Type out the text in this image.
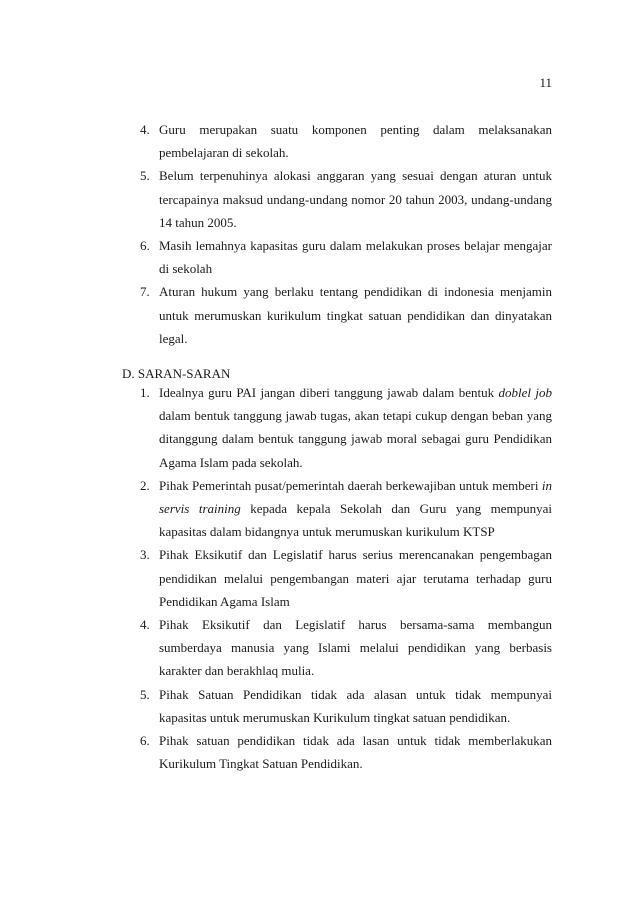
11
4. Guru merupakan suatu komponen penting dalam melaksanakan pembelajaran di sekolah.
5. Belum terpenuhinya alokasi anggaran yang sesuai dengan aturan untuk tercapainya maksud undang-undang nomor 20 tahun 2003, undang-undang 14 tahun 2005.
6. Masih lemahnya kapasitas guru dalam melakukan proses belajar mengajar di sekolah
7. Aturan hukum yang berlaku tentang pendidikan di indonesia menjamin untuk merumuskan kurikulum tingkat satuan pendidikan dan dinyatakan legal.
D. SARAN-SARAN
1. Idealnya guru PAI jangan diberi tanggung jawab dalam bentuk doblel job dalam bentuk tanggung jawab tugas, akan tetapi cukup dengan beban yang ditanggung dalam bentuk tanggung jawab moral sebagai guru Pendidikan Agama Islam pada sekolah.
2. Pihak Pemerintah pusat/pemerintah daerah berkewajiban untuk memberi in servis training kepada kepala Sekolah dan Guru yang mempunyai kapasitas dalam bidangnya untuk merumuskan kurikulum KTSP
3. Pihak Eksikutif dan Legislatif harus serius merencanakan pengembagan pendidikan melalui pengembangan materi ajar terutama terhadap guru Pendidikan Agama Islam
4. Pihak Eksikutif dan Legislatif harus bersama-sama membangun sumberdaya manusia yang Islami melalui pendidikan yang berbasis karakter dan berakhlaq mulia.
5. Pihak Satuan Pendidikan tidak ada alasan untuk tidak mempunyai kapasitas untuk merumuskan Kurikulum tingkat satuan pendidikan.
6. Pihak satuan pendidikan tidak ada lasan untuk tidak memberlakukan Kurikulum Tingkat Satuan Pendidikan.
